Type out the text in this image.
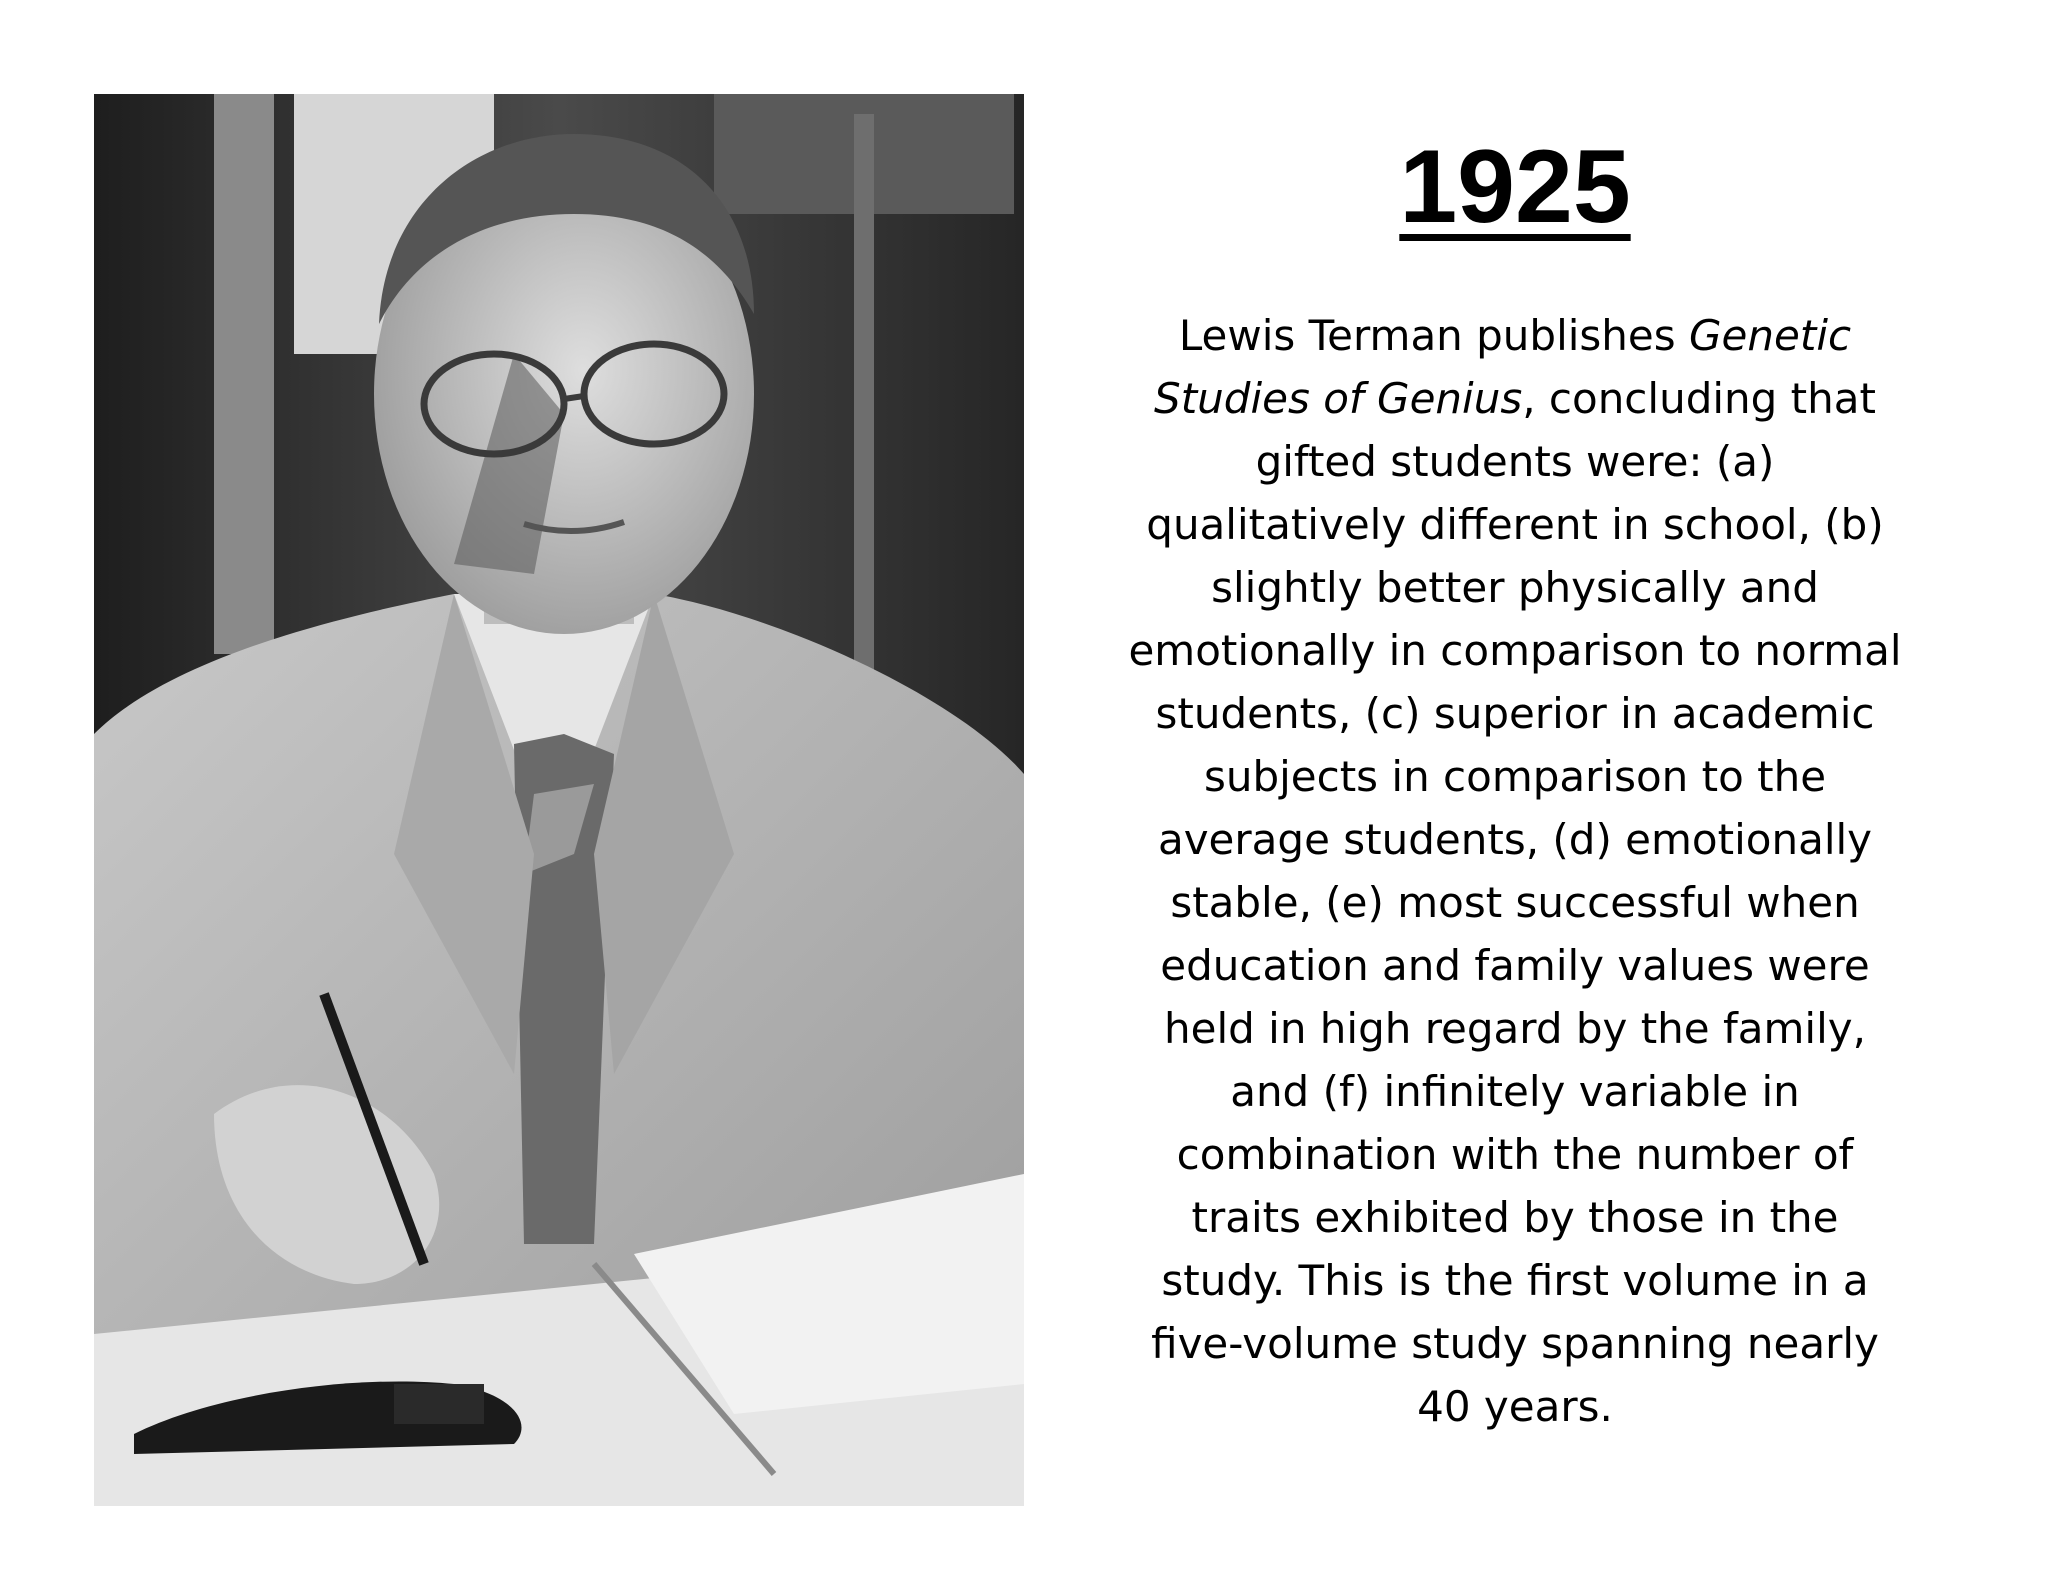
1925

Lewis Terman publishes Genetic Studies of Genius, concluding that gifted students were: (a) qualitatively different in school, (b) slightly better physically and emotionally in comparison to normal students, (c) superior in academic subjects in comparison to the average students, (d) emotionally stable, (e) most successful when education and family values were held in high regard by the family, and (f) infinitely variable in combination with the number of traits exhibited by those in the study. This is the first volume in a five-volume study spanning nearly 40 years.
